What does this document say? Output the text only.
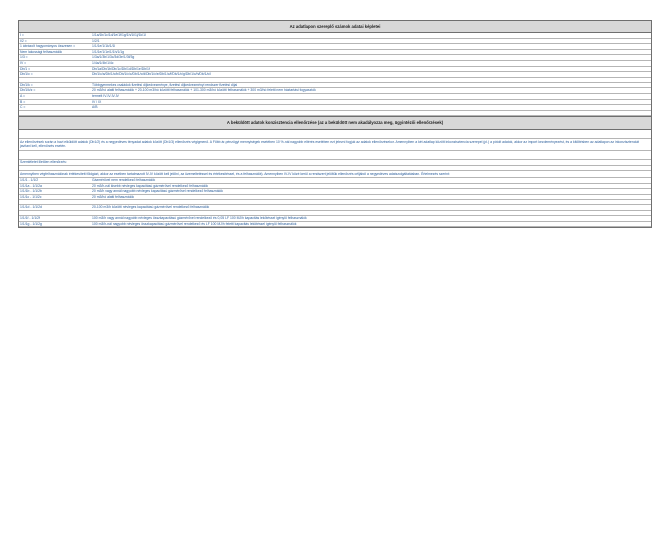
Az adatlapon szereplő számok adatai képletei
I =	1/1a/1b/1c/1d/1e/1f/1g/1h/1i/1j/1k/1l
I/2 =	1/2/1
1 ábrázolt hagyományos összesen =	1/1/1e/1/1k/1/1l
Nem lakossági felhasználók	1/1/1e/1/1e/1/1h/1/1g
1/3 =	1/3a/1/3b/1/3c/3d/3e/1/3f/3g
IV =	1/4a/1/4b/1/4c
Db/1 =	Db/1a/Db/1b/Db/1c/Db/1d/Db/1e/Db/1f
Db/1/c =	Db/1/c/a/Db/1/c/b/Db/1/c/c/Db/1/c/d/Db/1/c/e/Db/1/c/f/Db/1/c/g/Db/1/c/h/Db/1/c/i
Db/1/k =	Többgyermekes családok fizetési díjkedvezménye, fizetési díjkedvezményi rendszer fizetési díjai
Db/1/k/z =	20 m3/hó alatti felhasználók + 20-100 m3/hó közötti felhasználók + 101-300 m3/hó közötti felhasználók + 300 m3/hó feletti nem háztartási fogyasztók
A =	termelt IV-IV-IV-IV
B =	IV / IX
C =	A/B
A beküldött adatok konzisztencia ellenőrzése (az a beküldött nem akadályozza meg, ügyintézői ellenőrzések)
Az ellenőrzések során a havi elküldött adatok (Db1/2) és a negyedéves tényadat adatok között (Db1/3) ellenőrzés végigmenő. A Főbb ár-pénzügyi mennyiségek esetében 10 %-nál nagyobb eltérés esetében ezt jelezni fogjuk az adatok ellenőrzésekor. Amennyiben a két adatlap között inkonzisztencia szerepel (pl.) a pótolt adatok, akkor az import kezdeményezést, és a kitöltésben az adatlapon az inkonzisztenciát javítani kell, ellenőrzés esetén.
Szemléletet illetően ellenőrzés:
Amennyiben végfelhasználónak értékesített földgázt, akkor az esetben tartalmazott IV-IV között kell jelölni, az üzemeltetéssel és értékesítéssel, és a felhasználót). Amennyiben IV-IV közé kerül a rendszert jelöltük ellenőrzés céljából a negyedéves adatszolgáltatásban. Értelmezés szerint:
1/1/1 - 1/1/2	Gázmérővel nem rendelkező felhasználók
1/1/1a - 1/1/2a	20 m3/h-nál kisebb névleges kapacitású gázmérővel rendelkező felhasználók
1/1/1b - 1/1/2b	20 m3/h vagy annál nagyobb névleges kapacitású gázmérővel rendelkező felhasználók
1/1/1c - 1/1/2c	20 m3/hó alatti felhasználók
1/1/1d - 1/1/2d	20-100 m3/h közötti névleges kapacitású gázmérővel rendelkező felhasználók
1/1/1f - 1/1/2f	100 m3/h vagy annál nagyobb névleges összkapacitású gázmérővel rendelkező és 0,05 LF 100 MJ/h kapacitás lekötéssel igénylő felhasználók
1/1/1g - 1/1/2g	100 m3/h-nál nagyobb névleges összkapacitású gázmérővel rendelkező és LF 100 MJ/h feletti kapacitás lekötéssel igénylő felhasználók
